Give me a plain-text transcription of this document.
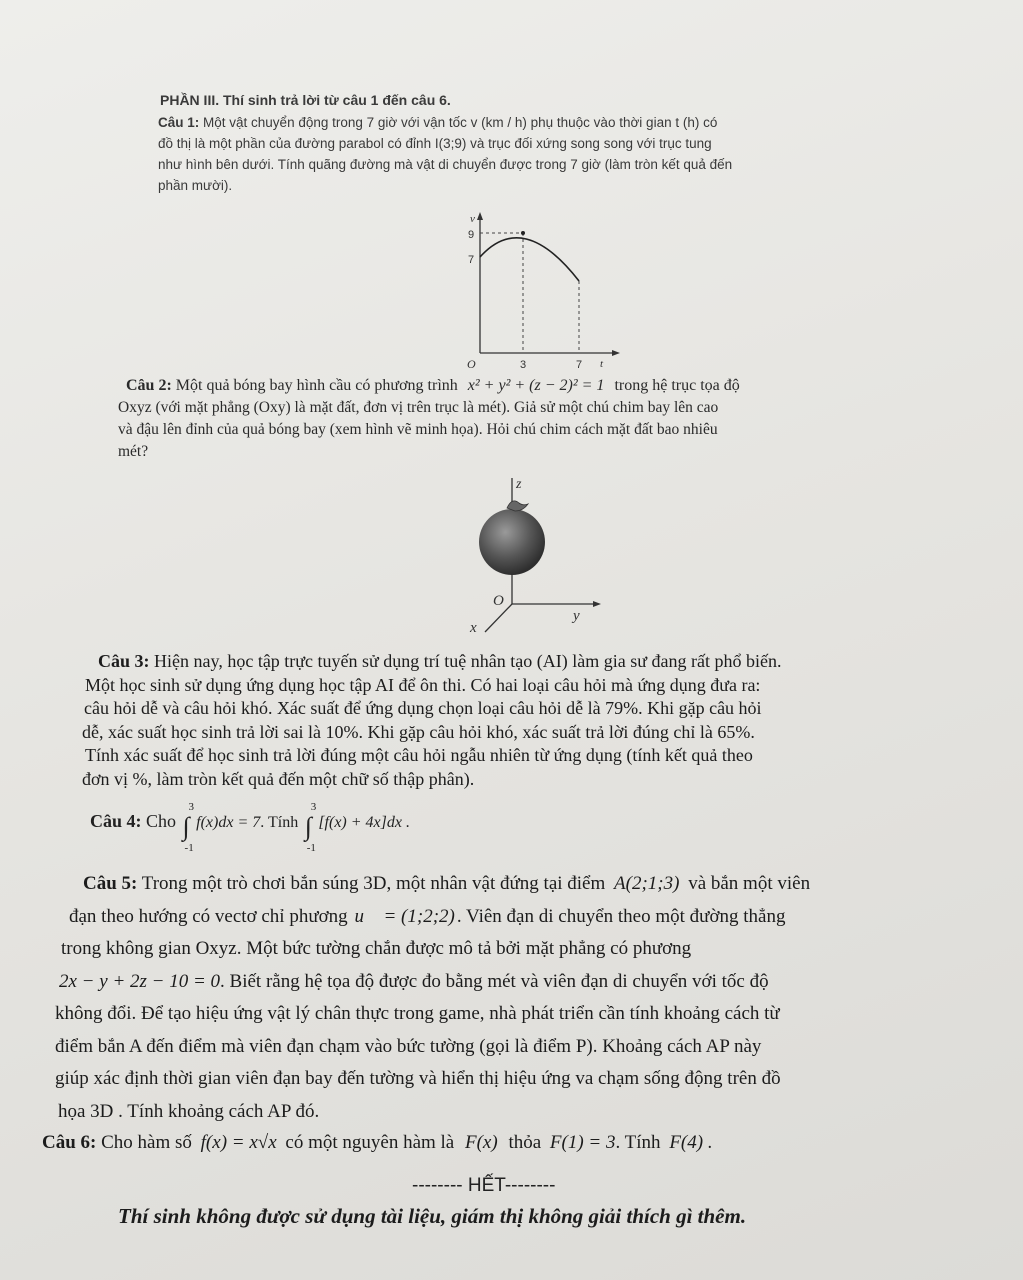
PHẦN III. Thí sinh trả lời từ câu 1 đến câu 6.
Câu 1: Một vật chuyển động trong 7 giờ với vận tốc v (km / h) phụ thuộc vào thời gian t (h) có
đồ thị là một phần của đường parabol có đỉnh I(3;9) và trục đối xứng song song với trục tung
như hình bên dưới. Tính quãng đường mà vật di chuyển được trong 7 giờ (làm tròn kết quả đến
phần mười).
v
t
O
9
7
3	7
Câu 2: Một quả bóng bay hình cầu có phương trình x² + y² + (z − 2)² = 1 trong hệ trục tọa độ
Oxyz (với mặt phẳng (Oxy) là mặt đất, đơn vị trên trục là mét). Giả sử một chú chim bay lên cao
và đậu lên đỉnh của quả bóng bay (xem hình vẽ minh họa). Hỏi chú chim cách mặt đất bao nhiêu
mét?
z
O
y
x
Câu 3: Hiện nay, học tập trực tuyến sử dụng trí tuệ nhân tạo (AI) làm gia sư đang rất phổ biến.
Một học sinh sử dụng ứng dụng học tập AI để ôn thi. Có hai loại câu hỏi mà ứng dụng đưa ra:
câu hỏi dễ và câu hỏi khó. Xác suất để ứng dụng chọn loại câu hỏi dễ là 79%. Khi gặp câu hỏi
dễ, xác suất học sinh trả lời sai là 10%. Khi gặp câu hỏi khó, xác suất trả lời đúng chỉ là 65%.
Tính xác suất để học sinh trả lời đúng một câu hỏi ngẫu nhiên từ ứng dụng (tính kết quả theo
đơn vị %, làm tròn kết quả đến một chữ số thập phân).
Câu 4: Cho ∫
3
-1
f(x)dx = 7. Tính ∫
3
-1
[f(x) + 4x]dx .
Câu 5: Trong một trò chơi bắn súng 3D, một nhân vật đứng tại điểm A(2;1;3) và bắn một viên
đạn theo hướng có vectơ chỉ phương u⃗ = (1;2;2) . Viên đạn di chuyển theo một đường thẳng
trong không gian Oxyz. Một bức tường chắn được mô tả bởi mặt phẳng có phương
2x − y + 2z − 10 = 0. Biết rằng hệ tọa độ được đo bằng mét và viên đạn di chuyển với tốc độ
không đổi. Để tạo hiệu ứng vật lý chân thực trong game, nhà phát triển cần tính khoảng cách từ
điểm bắn A đến điểm mà viên đạn chạm vào bức tường (gọi là điểm P). Khoảng cách AP này
giúp xác định thời gian viên đạn bay đến tường và hiển thị hiệu ứng va chạm sống động trên đồ
họa 3D . Tính khoảng cách AP đó.
Câu 6: Cho hàm số f(x) = x√x có một nguyên hàm là F(x) thỏa F(1) = 3. Tính F(4) .
-------- HẾT--------
Thí sinh không được sử dụng tài liệu, giám thị không giải thích gì thêm.
